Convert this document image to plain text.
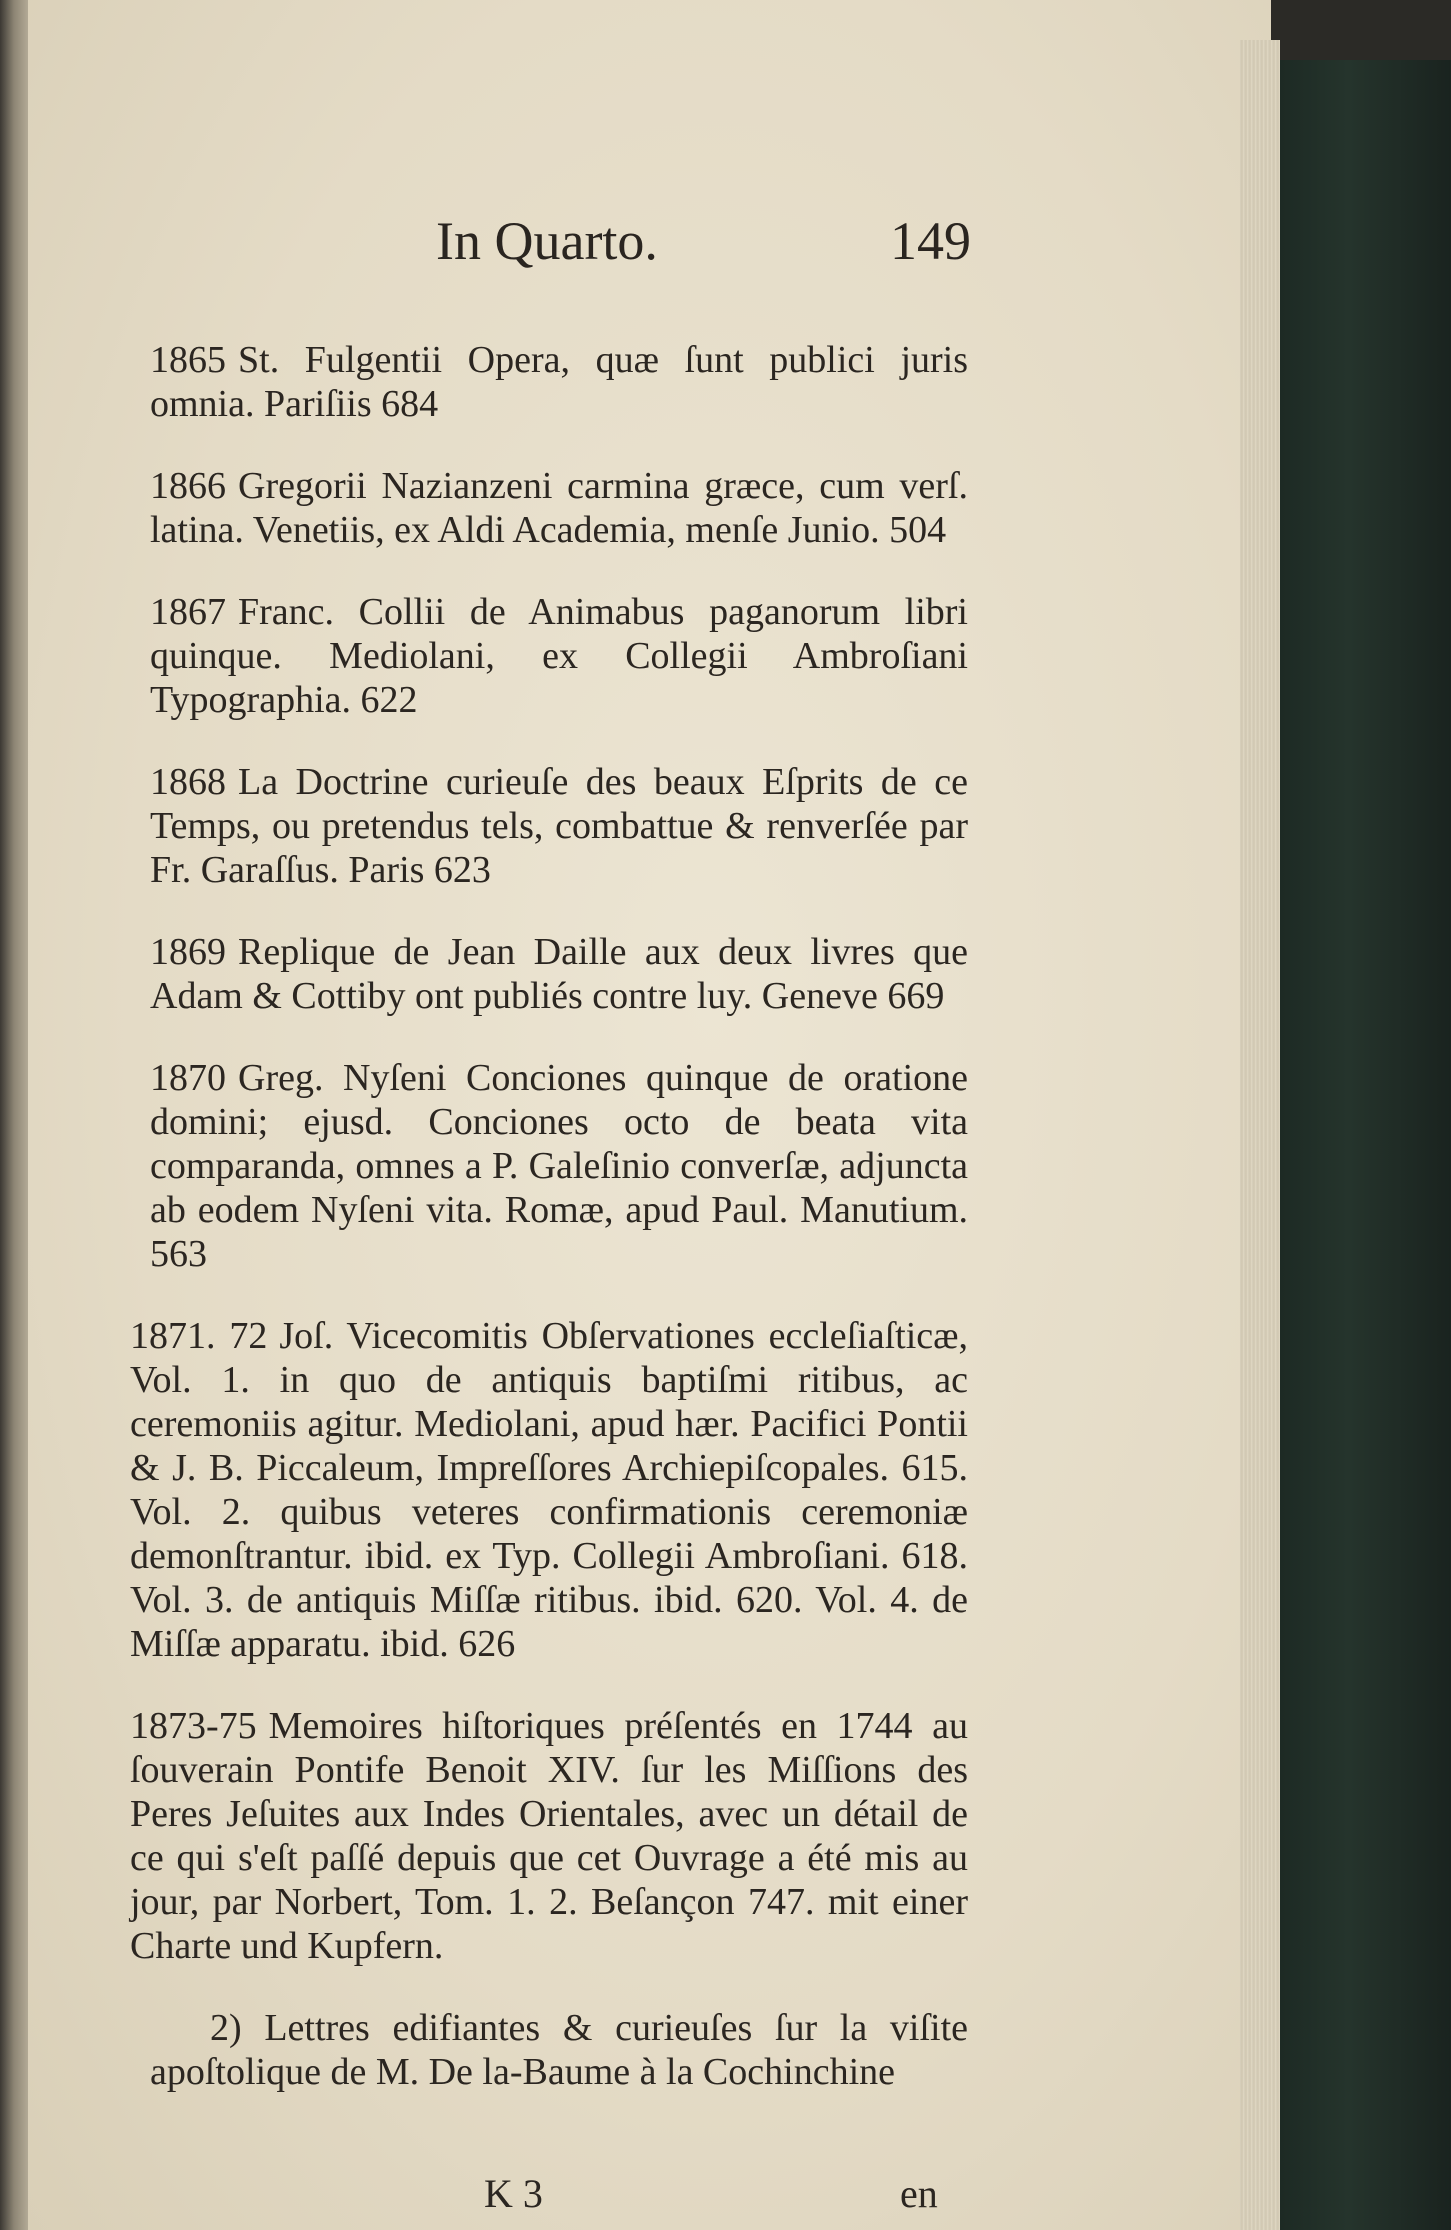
In Quarto.	149

1865 St. Fulgentii Opera, quæ ſunt publici juris omnia. Pariſiis 684

1866 Gregorii Nazianzeni carmina græce, cum verſ. latina. Venetiis, ex Aldi Academia, menſe Junio. 504

1867 Franc. Collii de Animabus paganorum libri quinque. Mediolani, ex Collegii Ambroſiani Typographia. 622

1868 La Doctrine curieuſe des beaux Eſprits de ce Temps, ou pretendus tels, combattue & renverſée par Fr. Garaſſus. Paris 623

1869 Replique de Jean Daille aux deux livres que Adam & Cottiby ont publiés contre luy. Geneve 669

1870 Greg. Nyſeni Conciones quinque de oratione domini; ejusd. Conciones octo de beata vita comparanda, omnes a P. Galeſinio converſæ, adjuncta ab eodem Nyſeni vita. Romæ, apud Paul. Manutium. 563

1871. 72 Joſ. Vicecomitis Obſervationes eccleſiaſticæ, Vol. 1. in quo de antiquis baptiſmi ritibus, ac ceremoniis agitur. Mediolani, apud hær. Pacifici Pontii & J. B. Piccaleum, Impreſſores Archiepiſcopales. 615. Vol. 2. quibus veteres confirmationis ceremoniæ demonſtrantur. ibid. ex Typ. Collegii Ambroſiani. 618. Vol. 3. de antiquis Miſſæ ritibus. ibid. 620. Vol. 4. de Miſſæ apparatu. ibid. 626

1873-75 Memoires hiſtoriques préſentés en 1744 au ſouverain Pontife Benoit XIV. ſur les Miſſions des Peres Jeſuites aux Indes Orientales, avec un détail de ce qui s'eſt paſſé depuis que cet Ouvrage a été mis au jour, par Norbert, Tom. 1. 2. Beſançon 747. mit einer Charte und Kupfern.

2) Lettres edifiantes & curieuſes ſur la viſite apoſtolique de M. De la-Baume à la Cochinchine

K 3	en
